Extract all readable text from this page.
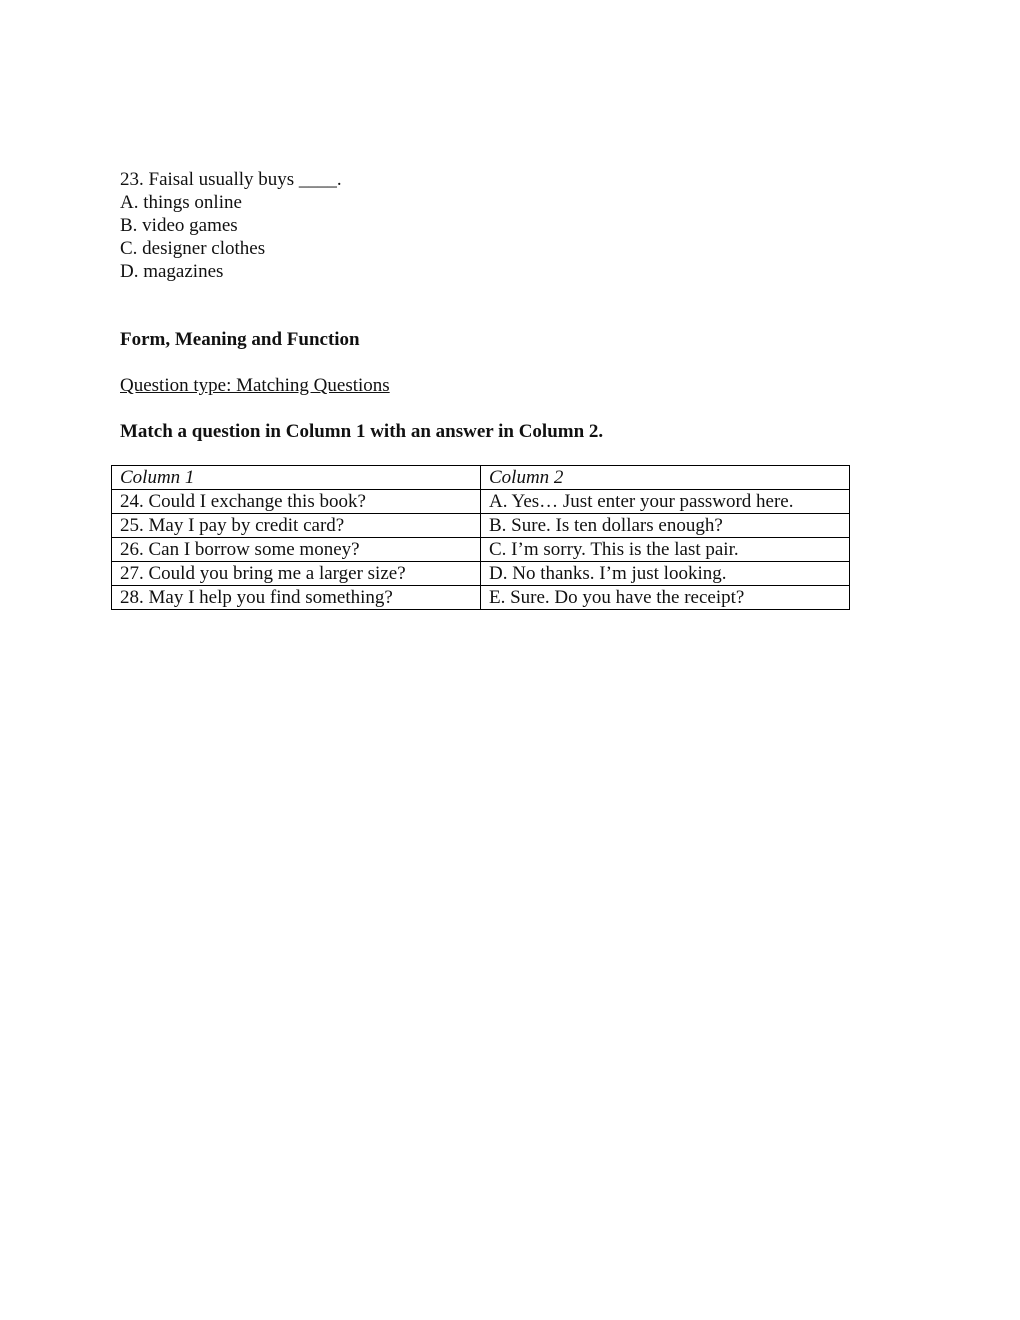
23. Faisal usually buys ____.
A. things online
B. video games
C. designer clothes
D. magazines
Form, Meaning and Function
Question type: Matching Questions
Match a question in Column 1 with an answer in Column 2.
Column 1	Column 2
24. Could I exchange this book?	A. Yes… Just enter your password here.
25. May I pay by credit card?	B. Sure. Is ten dollars enough?
26. Can I borrow some money?	C. I’m sorry. This is the last pair.
27. Could you bring me a larger size?	D. No thanks. I’m just looking.
28. May I help you find something?	E. Sure. Do you have the receipt?
